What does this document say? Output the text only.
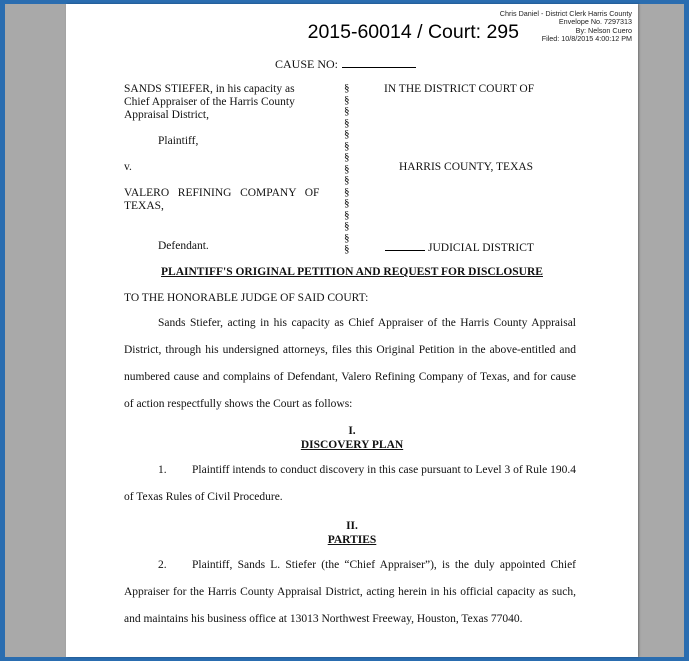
Chris Daniel - District Clerk Harris County
Envelope No. 7297313
By: Nelson Cuero
Filed: 10/8/2015 4:00:12 PM
2015-60014 / Court: 295
CAUSE NO:
SANDS STIEFER, in his capacity as
Chief Appraiser of the Harris County
Appraisal District,
Plaintiff,
v.
VALERO   REFINING   COMPANY   OF
TEXAS,
Defendant.
§
§
§
§
§
§
§
§
§
§
§
§
§
§
§
IN THE DISTRICT COURT OF
HARRIS COUNTY, TEXAS
JUDICIAL DISTRICT
PLAINTIFF'S ORIGINAL PETITION AND REQUEST FOR DISCLOSURE
TO THE HONORABLE JUDGE OF SAID COURT:
Sands Stiefer, acting in his capacity as Chief Appraiser of the Harris County Appraisal District, through his undersigned attorneys, files this Original Petition in the above-entitled and numbered cause and complains of Defendant, Valero Refining Company of Texas, and for cause of action respectfully shows the Court as follows:
I.
DISCOVERY PLAN
1. Plaintiff intends to conduct discovery in this case pursuant to Level 3 of Rule 190.4 of Texas Rules of Civil Procedure.
II.
PARTIES
2. Plaintiff, Sands L. Stiefer (the “Chief Appraiser”), is the duly appointed Chief Appraiser for the Harris County Appraisal District, acting herein in his official capacity as such, and maintains his business office at 13013 Northwest Freeway, Houston, Texas 77040.
